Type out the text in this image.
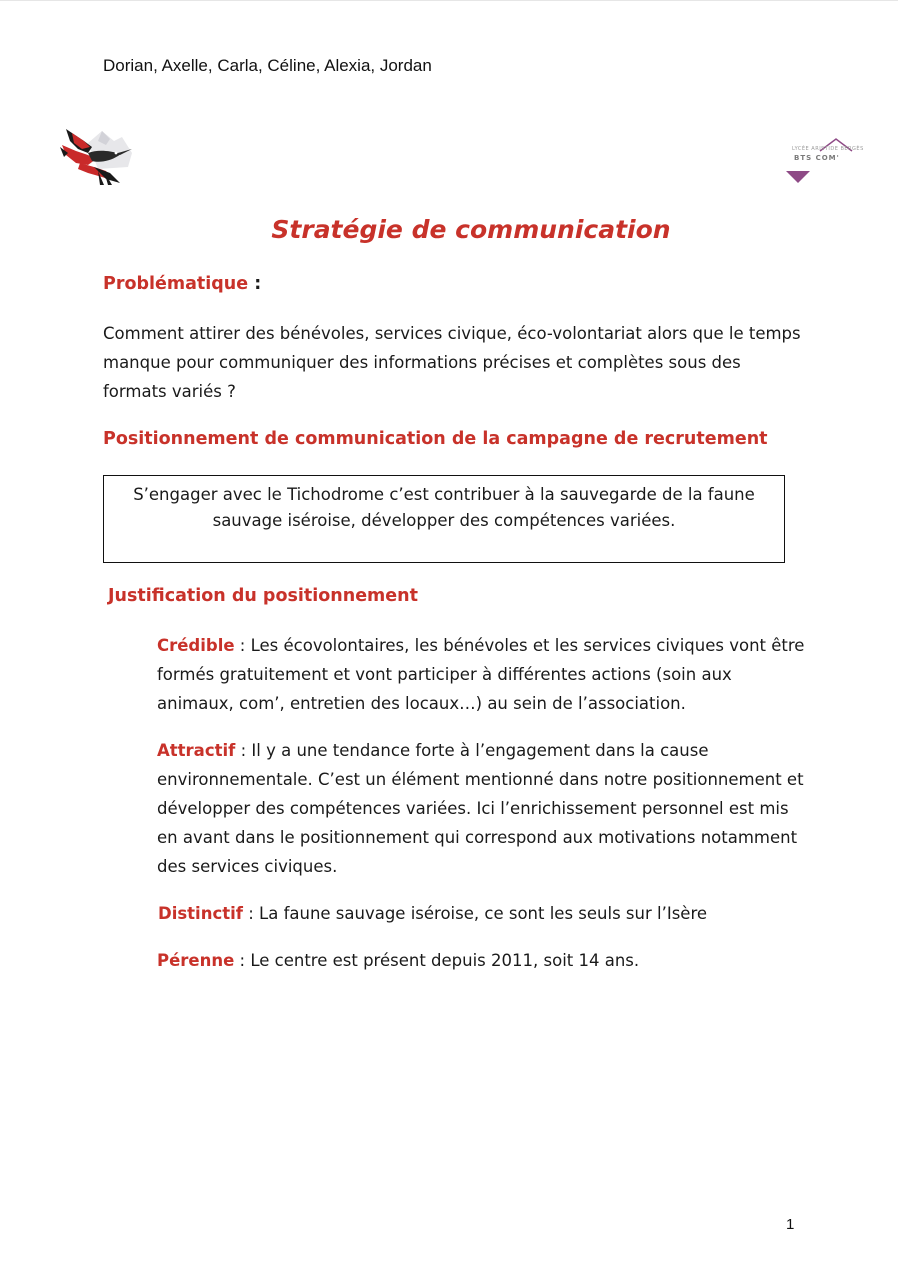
Dorian, Axelle, Carla, Céline, Alexia, Jordan
LYCÉE ARISTIDE BERGÈS
BTS COM'
Stratégie de communication
Problématique :
Comment attirer des bénévoles, services civique, éco-volontariat alors que le temps manque pour communiquer des informations précises et complètes sous des formats variés ?
Positionnement de communication de la campagne de recrutement
S’engager avec le Tichodrome c’est contribuer à la sauvegarde de la faune sauvage iséroise, développer des compétences variées.
Justification du positionnement
Crédible : Les écovolontaires, les bénévoles et les services civiques vont être formés gratuitement et vont participer à différentes actions (soin aux animaux, com’, entretien des locaux…) au sein de l’association.
Attractif : Il y a une tendance forte à l’engagement dans la cause environnementale. C’est un élément mentionné dans notre positionnement et développer des compétences variées. Ici l’enrichissement personnel est mis en avant dans le positionnement qui correspond aux motivations notamment des services civiques.
Distinctif : La faune sauvage iséroise, ce sont les seuls sur l’Isère
Pérenne : Le centre est présent depuis 2011, soit 14 ans.
1
